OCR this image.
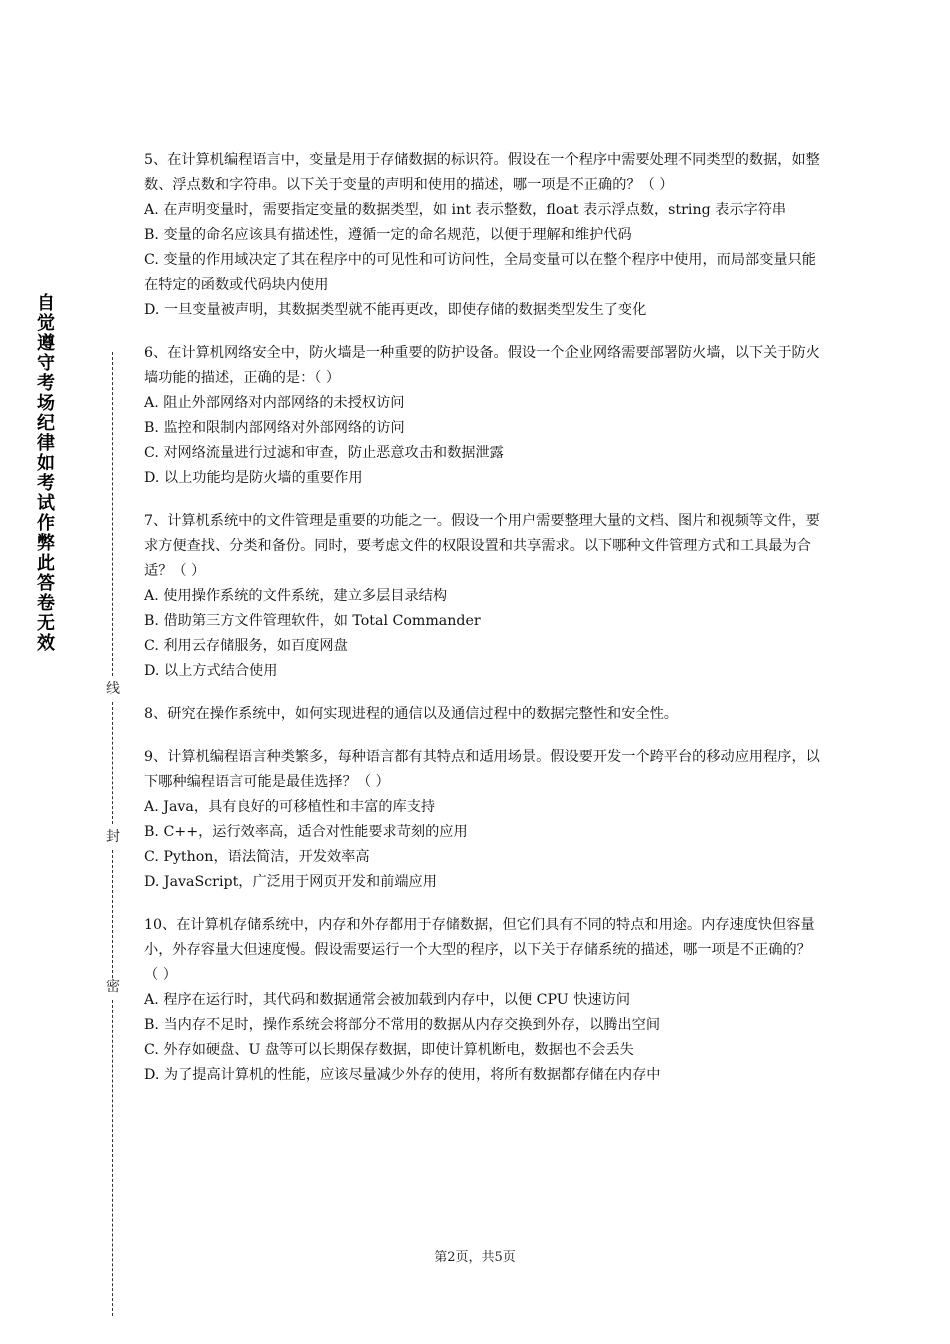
自
觉
遵
守
考
场
纪
律
如
考
试
作
弊
此
答
卷
无
效
线
封
密

5、在计算机编程语言中，变量是用于存储数据的标识符。假设在一个程序中需要处理不同类型的数据，如整数、浮点数和字符串。以下关于变量的声明和使用的描述，哪一项是不正确的？（ ）

A. 在声明变量时，需要指定变量的数据类型，如 int 表示整数，float 表示浮点数，string 表示字符串

B. 变量的命名应该具有描述性，遵循一定的命名规范，以便于理解和维护代码

C. 变量的作用域决定了其在程序中的可见性和可访问性，全局变量可以在整个程序中使用，而局部变量只能在特定的函数或代码块内使用

D. 一旦变量被声明，其数据类型就不能再更改，即使存储的数据类型发生了变化

6、在计算机网络安全中，防火墙是一种重要的防护设备。假设一个企业网络需要部署防火墙，以下关于防火墙功能的描述，正确的是：（ ）

A. 阻止外部网络对内部网络的未授权访问

B. 监控和限制内部网络对外部网络的访问

C. 对网络流量进行过滤和审查，防止恶意攻击和数据泄露

D. 以上功能均是防火墙的重要作用

7、计算机系统中的文件管理是重要的功能之一。假设一个用户需要整理大量的文档、图片和视频等文件，要求方便查找、分类和备份。同时，要考虑文件的权限设置和共享需求。以下哪种文件管理方式和工具最为合适？（ ）

A. 使用操作系统的文件系统，建立多层目录结构

B. 借助第三方文件管理软件，如 Total Commander

C. 利用云存储服务，如百度网盘

D. 以上方式结合使用

8、研究在操作系统中，如何实现进程的通信以及通信过程中的数据完整性和安全性。

9、计算机编程语言种类繁多，每种语言都有其特点和适用场景。假设要开发一个跨平台的移动应用程序，以下哪种编程语言可能是最佳选择？（ ）

A. Java，具有良好的可移植性和丰富的库支持

B. C++，运行效率高，适合对性能要求苛刻的应用

C. Python，语法简洁，开发效率高

D. JavaScript，广泛用于网页开发和前端应用

10、在计算机存储系统中，内存和外存都用于存储数据，但它们具有不同的特点和用途。内存速度快但容量小，外存容量大但速度慢。假设需要运行一个大型的程序，以下关于存储系统的描述，哪一项是不正确的？（ ）

A. 程序在运行时，其代码和数据通常会被加载到内存中，以便 CPU 快速访问

B. 当内存不足时，操作系统会将部分不常用的数据从内存交换到外存，以腾出空间

C. 外存如硬盘、U 盘等可以长期保存数据，即使计算机断电，数据也不会丢失

D. 为了提高计算机的性能，应该尽量减少外存的使用，将所有数据都存储在内存中

第2页，共5页
